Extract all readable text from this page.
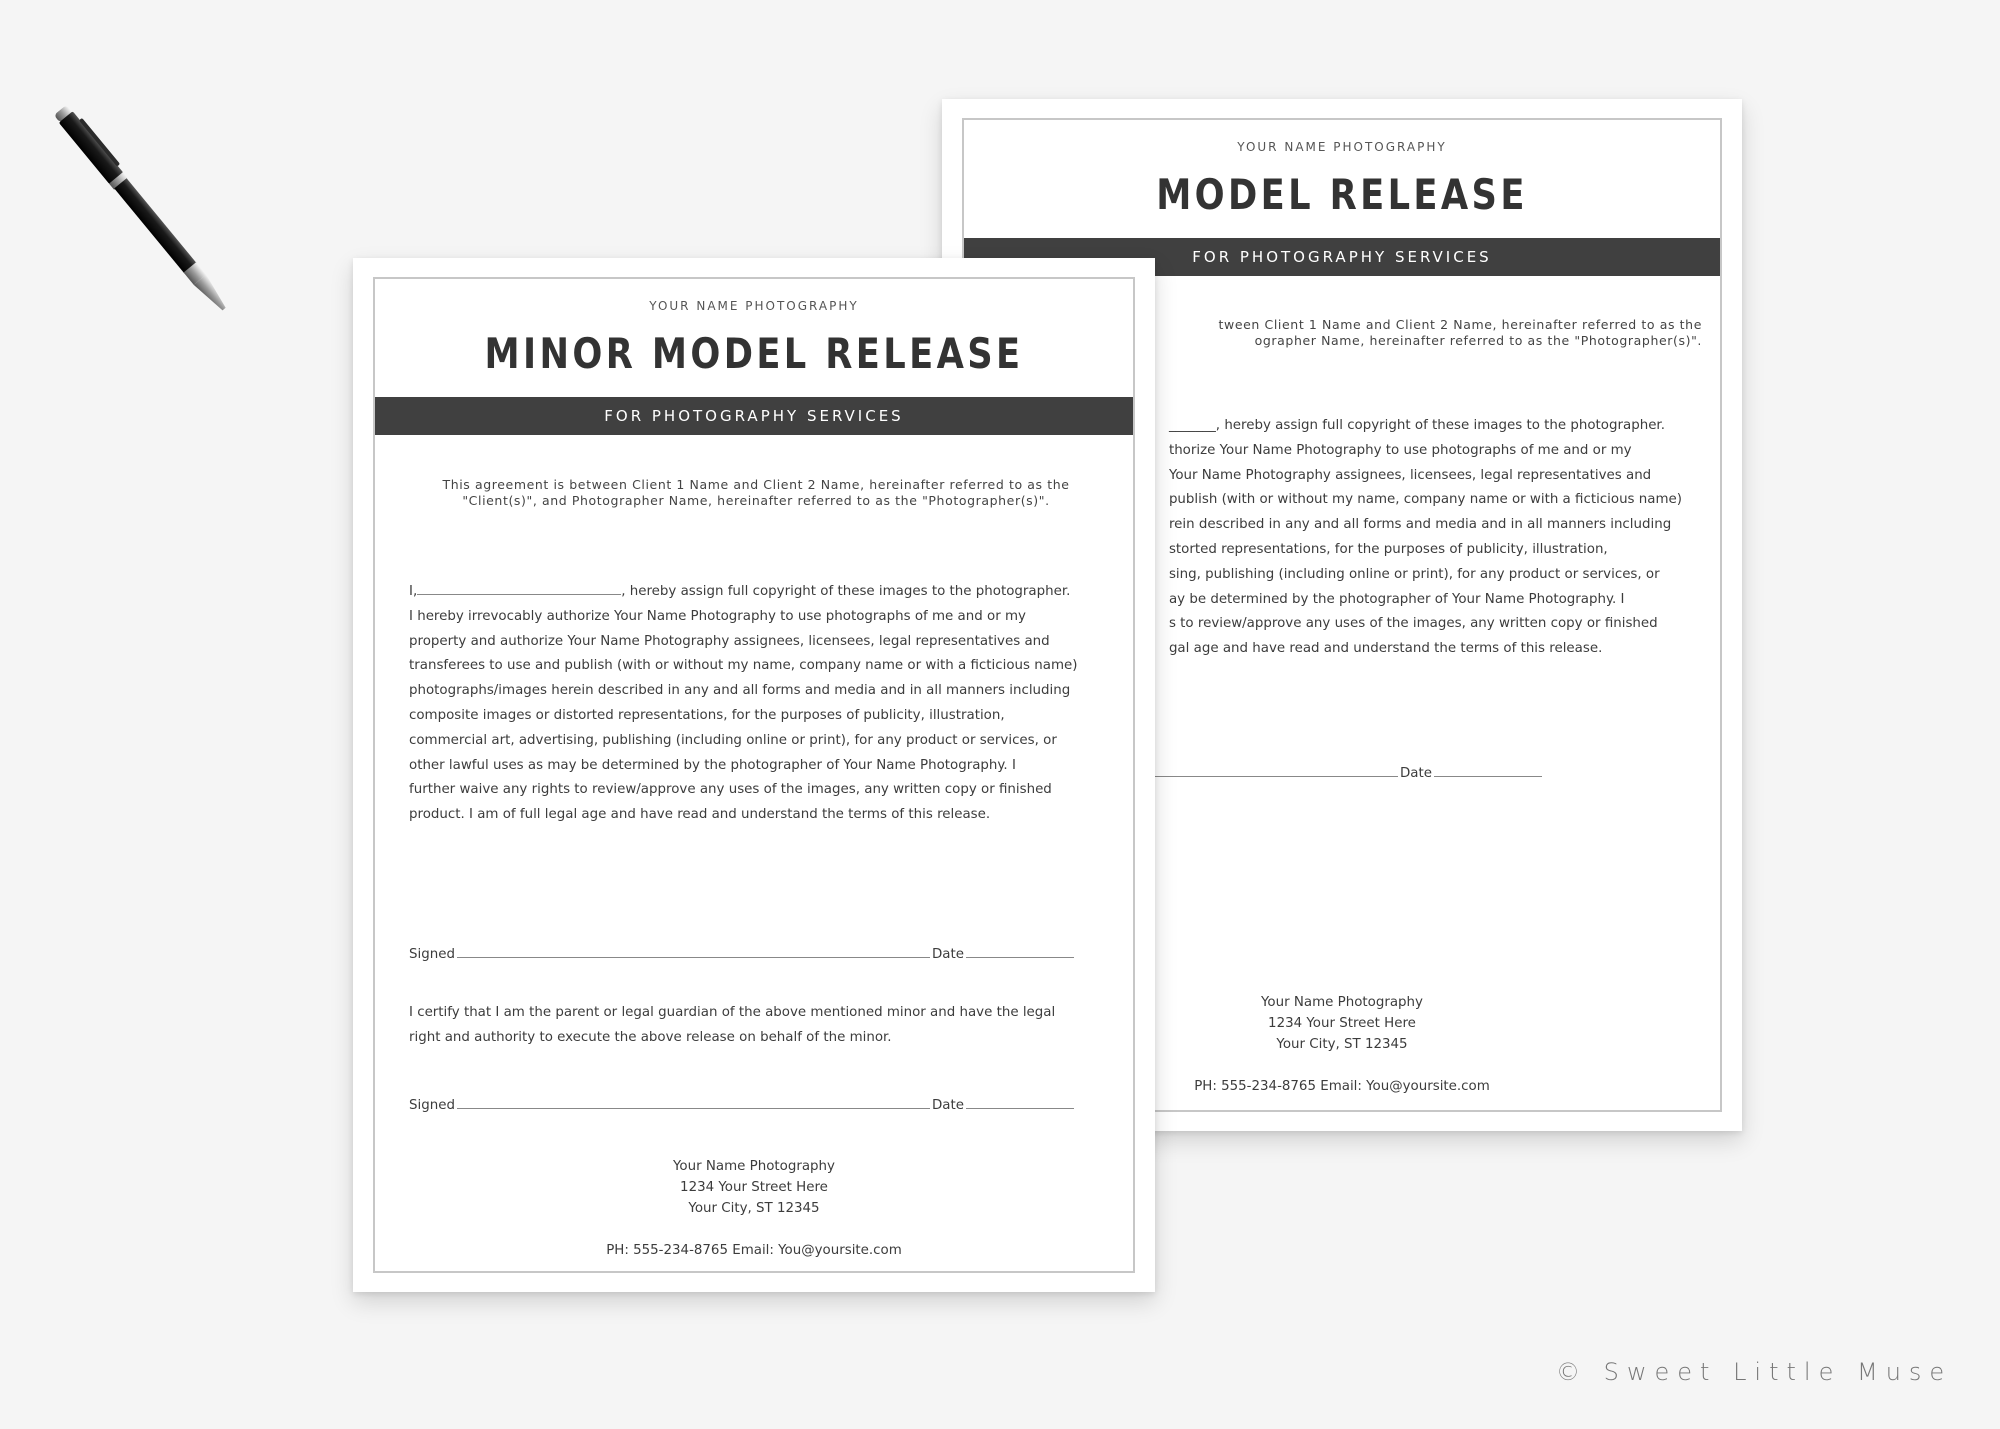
YOUR NAME PHOTOGRAPHY
MODEL RELEASE
FOR PHOTOGRAPHY SERVICES
tween Client 1 Name and Client 2 Name, hereinafter referred to as the
ographer Name, hereinafter referred to as the "Photographer(s)".
_______, hereby assign full copyright of these images to the photographer.
thorize Your Name Photography to use photographs of me and or my
Your Name Photography assignees, licensees, legal representatives and
publish (with or without my name, company name or with a ficticious name)
rein described in any and all forms and media and in all manners including
storted representations, for the purposes of publicity, illustration,
sing, publishing (including online or print), for any product or services, or
ay be determined by the photographer of Your Name Photography. I
s to review/approve any uses of the images, any written copy or finished
gal age and have read and understand the terms of this release.
Date
Your Name Photography
1234 Your Street Here
Your City, ST 12345
PH: 555-234-8765 Email: You@yoursite.com
YOUR NAME PHOTOGRAPHY
MINOR MODEL RELEASE
FOR PHOTOGRAPHY SERVICES
This agreement is between Client 1 Name and Client 2 Name, hereinafter referred to as the
"Client(s)", and Photographer Name, hereinafter referred to as the "Photographer(s)".
I,	, hereby assign full copyright of these images to the photographer.
I hereby irrevocably authorize Your Name Photography to use photographs of me and or my
property and authorize Your Name Photography assignees, licensees, legal representatives and
transferees to use and publish (with or without my name, company name or with a ficticious name)
photographs/images herein described in any and all forms and media and in all manners including
composite images or distorted representations, for the purposes of publicity, illustration,
commercial art, advertising, publishing (including online or print), for any product or services, or
other lawful uses as may be determined by the photographer of Your Name Photography. I
further waive any rights to review/approve any uses of the images, any written copy or finished
product. I am of full legal age and have read and understand the terms of this release.
Signed	Date
I certify that I am the parent or legal guardian of the above mentioned minor and have the legal
right and authority to execute the above release on behalf of the minor.
Signed	Date
Your Name Photography
1234 Your Street Here
Your City, ST 12345
PH: 555-234-8765 Email: You@yoursite.com
© Sweet Little Muse
